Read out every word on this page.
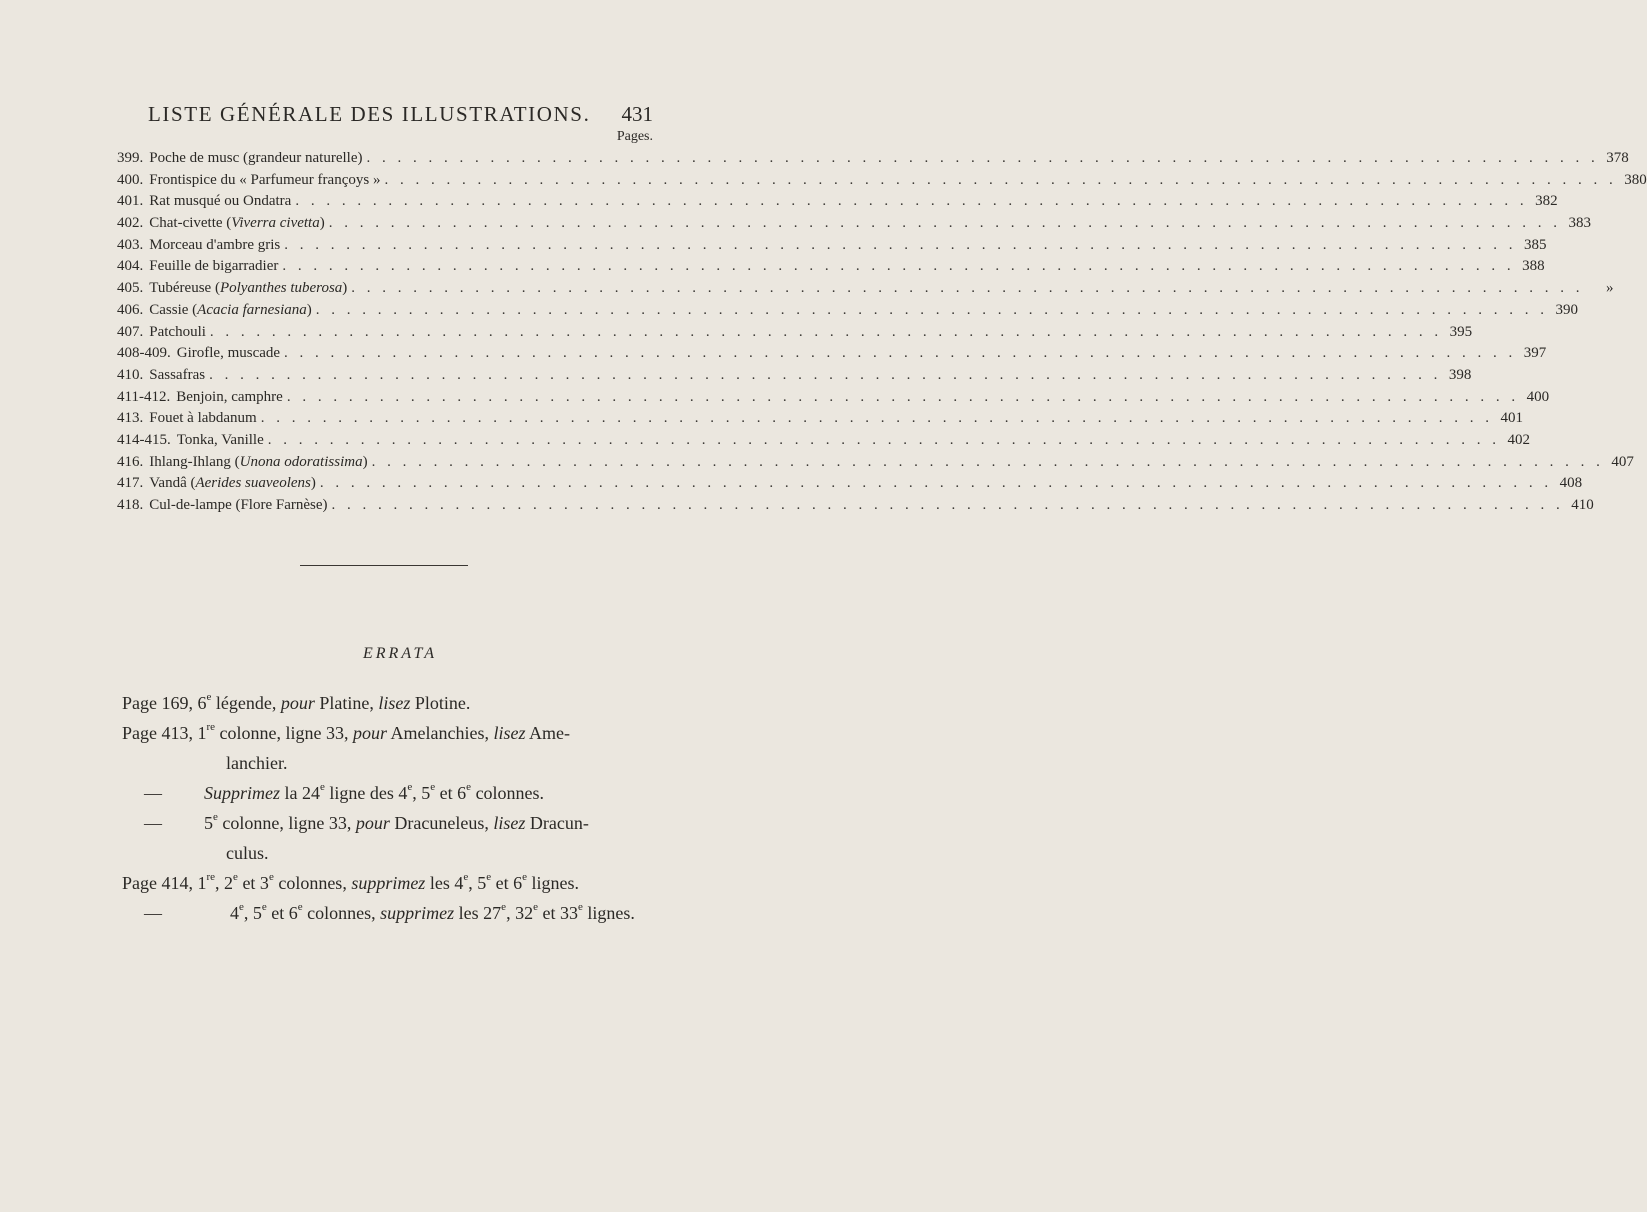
LISTE GÉNÉRALE DES ILLUSTRATIONS. 431
Pages.
399. Poche de musc (grandeur naturelle) . . . . . . . . . . . . . . . . . . . . . . . . . . . . . . . . . . . . . . . . . . . . . . . . . . . . . . . . . . . . . . . . . . . . . . . . . . . . . . . . 378
400. Frontispice du « Parfumeur françoys » . . . . . . . . . . . . . . . . . . . . . . . . . . . . . . . . . . . . . . . . . . . . . . . . . . . . . . . . . . . . . . . . . . . . . . . . . . . . . . . . 380
401. Rat musqué ou Ondatra . . . . . . . . . . . . . . . . . . . . . . . . . . . . . . . . . . . . . . . . . . . . . . . . . . . . . . . . . . . . . . . . . . . . . . . . . . . . . . . . 382
402. Chat-civette (Viverra civetta) . . . . . . . . . . . . . . . . . . . . . . . . . . . . . . . . . . . . . . . . . . . . . . . . . . . . . . . . . . . . . . . . . . . . . . . . . . . . . . . . 383
403. Morceau d'ambre gris . . . . . . . . . . . . . . . . . . . . . . . . . . . . . . . . . . . . . . . . . . . . . . . . . . . . . . . . . . . . . . . . . . . . . . . . . . . . . . . . 385
404. Feuille de bigarradier . . . . . . . . . . . . . . . . . . . . . . . . . . . . . . . . . . . . . . . . . . . . . . . . . . . . . . . . . . . . . . . . . . . . . . . . . . . . . . . . 388
405. Tubéreuse (Polyanthes tuberosa) . . . . . . . . . . . . . . . . . . . . . . . . . . . . . . . . . . . . . . . . . . . . . . . . . . . . . . . . . . . . . . . . . . . . . . . . . . . . . . . .	»
406. Cassie (Acacia farnesiana) . . . . . . . . . . . . . . . . . . . . . . . . . . . . . . . . . . . . . . . . . . . . . . . . . . . . . . . . . . . . . . . . . . . . . . . . . . . . . . . . 390
407. Patchouli . . . . . . . . . . . . . . . . . . . . . . . . . . . . . . . . . . . . . . . . . . . . . . . . . . . . . . . . . . . . . . . . . . . . . . . . . . . . . . . . 395
408-409. Girofle, muscade . . . . . . . . . . . . . . . . . . . . . . . . . . . . . . . . . . . . . . . . . . . . . . . . . . . . . . . . . . . . . . . . . . . . . . . . . . . . . . . . 397
410. Sassafras . . . . . . . . . . . . . . . . . . . . . . . . . . . . . . . . . . . . . . . . . . . . . . . . . . . . . . . . . . . . . . . . . . . . . . . . . . . . . . . . 398
411-412. Benjoin, camphre . . . . . . . . . . . . . . . . . . . . . . . . . . . . . . . . . . . . . . . . . . . . . . . . . . . . . . . . . . . . . . . . . . . . . . . . . . . . . . . . 400
413. Fouet à labdanum . . . . . . . . . . . . . . . . . . . . . . . . . . . . . . . . . . . . . . . . . . . . . . . . . . . . . . . . . . . . . . . . . . . . . . . . . . . . . . . . 401
414-415. Tonka, Vanille . . . . . . . . . . . . . . . . . . . . . . . . . . . . . . . . . . . . . . . . . . . . . . . . . . . . . . . . . . . . . . . . . . . . . . . . . . . . . . . . 402
416. Ihlang-Ihlang (Unona odoratissima) . . . . . . . . . . . . . . . . . . . . . . . . . . . . . . . . . . . . . . . . . . . . . . . . . . . . . . . . . . . . . . . . . . . . . . . . . . . . . . . . 407
417. Vandâ (Aerides suaveolens) . . . . . . . . . . . . . . . . . . . . . . . . . . . . . . . . . . . . . . . . . . . . . . . . . . . . . . . . . . . . . . . . . . . . . . . . . . . . . . . . 408
418. Cul-de-lampe (Flore Farnèse) . . . . . . . . . . . . . . . . . . . . . . . . . . . . . . . . . . . . . . . . . . . . . . . . . . . . . . . . . . . . . . . . . . . . . . . . . . . . . . . . 410
ERRATA
Page 169, 6e légende, pour Platine, lisez Plotine.
Page 413, 1re colonne, ligne 33, pour Amelanchies, lisez Ame-
lanchier.
— Supprimez la 24e ligne des 4e, 5e et 6e colonnes.
— 5e colonne, ligne 33, pour Dracuneleus, lisez Dracun-
culus.
Page 414, 1re, 2e et 3e colonnes, supprimez les 4e, 5e et 6e lignes.
—	4e, 5e et 6e colonnes, supprimez les 27e, 32e et 33e lignes.
